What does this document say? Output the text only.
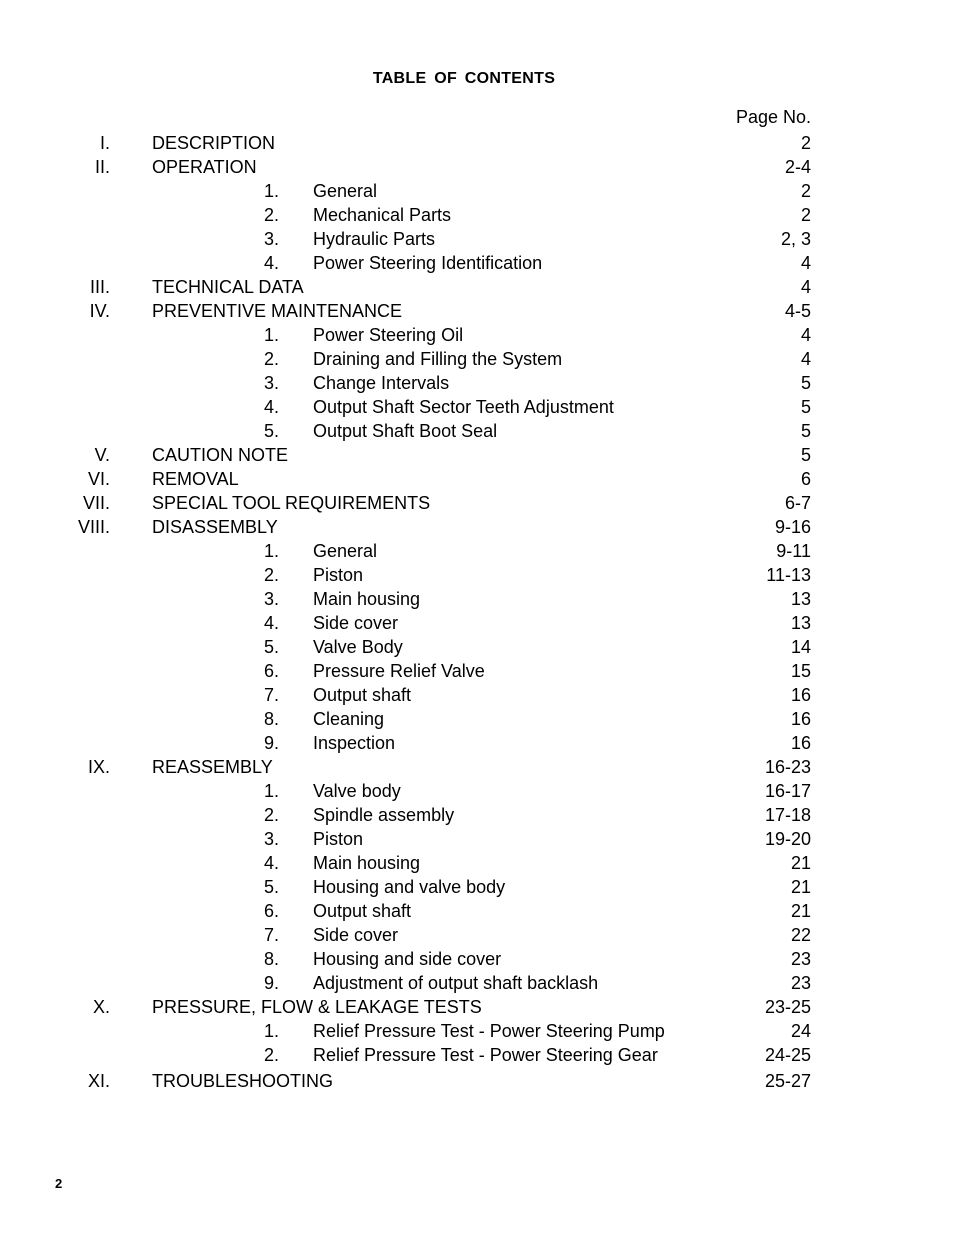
TABLE OF CONTENTS
Page No.
I. DESCRIPTION	2
II. OPERATION	2-4
1. General	2
2. Mechanical Parts	2
3. Hydraulic Parts	2, 3
4. Power Steering Identification	4
III. TECHNICAL DATA	4
IV. PREVENTIVE MAINTENANCE	4-5
1. Power Steering Oil	4
2. Draining and Filling the System	4
3. Change Intervals	5
4. Output Shaft Sector Teeth Adjustment	5
5. Output Shaft Boot Seal	5
V. CAUTION NOTE	5
VI. REMOVAL	6
VII. SPECIAL TOOL REQUIREMENTS	6-7
VIII. DISASSEMBLY	9-16
1. General	9-11
2. Piston	11-13
3. Main housing	13
4. Side cover	13
5. Valve Body	14
6. Pressure Relief Valve	15
7. Output shaft	16
8. Cleaning	16
9. Inspection	16
IX. REASSEMBLY	16-23
1. Valve body	16-17
2. Spindle assembly	17-18
3. Piston	19-20
4. Main housing	21
5. Housing and valve body	21
6. Output shaft	21
7. Side cover	22
8. Housing and side cover	23
9. Adjustment of output shaft backlash	23
X. PRESSURE, FLOW & LEAKAGE TESTS	23-25
1. Relief Pressure Test - Power Steering Pump	24
2. Relief Pressure Test - Power Steering Gear	24-25
XI. TROUBLESHOOTING	25-27
2
